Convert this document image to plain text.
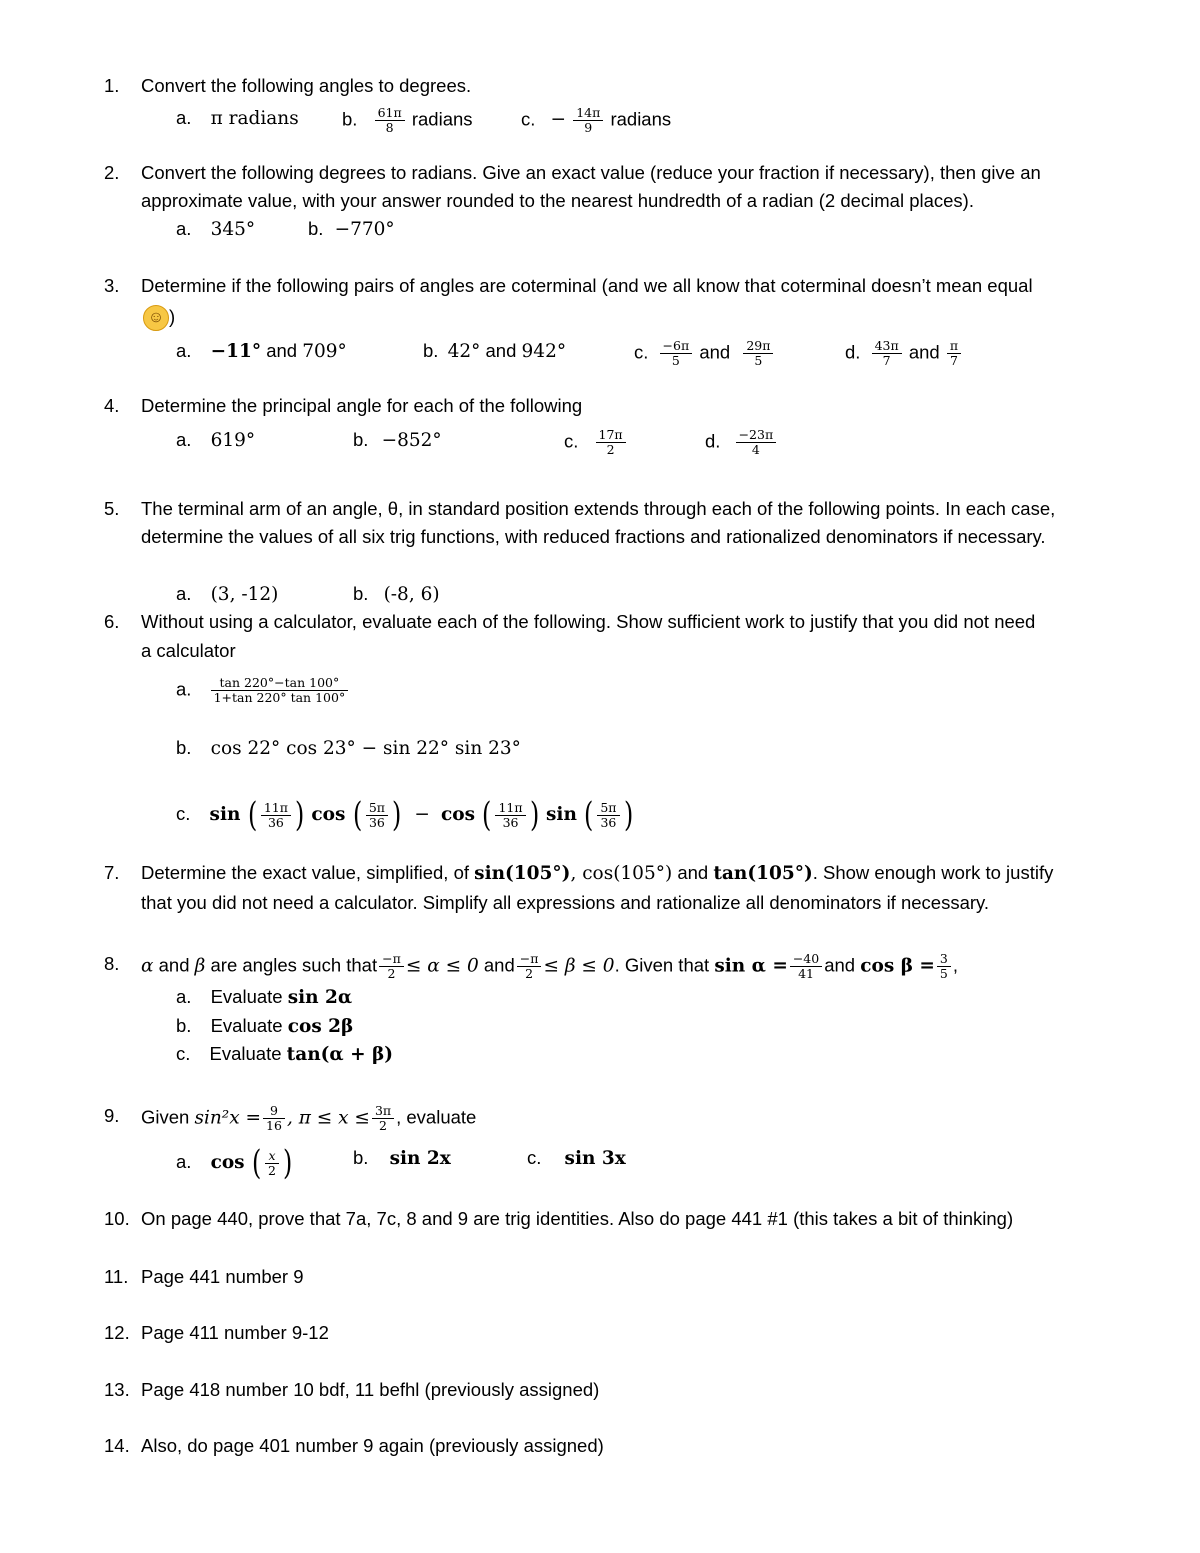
1. Convert the following angles to degrees.
a. π radians b. $\frac{61\pi}{8}$ radians	c. − $\frac{14\pi}{9}$ radians
2. Convert the following degrees to radians. Give an exact value (reduce your fraction if necessary), then give an
approximate value, with your answer rounded to the nearest hundredth of a radian (2 decimal places).
a. 345°	b. −770°
3. Determine if the following pairs of angles are coterminal (and we all know that coterminal doesn’t mean equal
☺ )
a. −11° and 709°	b. 42° and 942°	c. $\frac{-6\pi}{5}$ and $\frac{29\pi}{5}$	d. $\frac{43\pi}{7}$ and $\frac{\pi}{7}$
4. Determine the principal angle for each of the following
a. 619°	b. −852°	c. $\frac{17\pi}{2}$	d. $\frac{-23\pi}{4}$
5. The terminal arm of an angle, θ, in standard position extends through each of the following points. In each case,
determine the values of all six trig functions, with reduced fractions and rationalized denominators if necessary.
a. (3, -12)	b. (-8, 6)
6. Without using a calculator, evaluate each of the following. Show sufficient work to justify that you did not need
a calculator
a. $\frac{\tan 220^\circ-\tan 100^\circ}{1+\tan 220^\circ \tan 100^\circ}$
b. cos 22° cos 23° − sin 22° sin 23°
c. sin ( $\frac{11\pi}{36}$ ) cos ( $\frac{5\pi}{36}$ ) − cos ( $\frac{11\pi}{36}$ ) sin ( $\frac{5\pi}{36}$ )
7. Determine the exact value, simplified, of sin(105°), cos(105°) and tan(105°). Show enough work to justify
that you did not need a calculator. Simplify all expressions and rationalize all denominators if necessary.
8. α and β are angles such that $\frac{-\pi}{2} \le \alpha \le 0$ and $\frac{-\pi}{2} \le \beta \le 0$. Given that $\sin \alpha = \frac{-40}{41}$ and $\cos \beta = \frac{3}{5}$ ,
a. Evaluate sin 2α
b. Evaluate cos 2β
c. Evaluate tan(α + β)
9. Given $\sin^2x = \frac{9}{16}$ , $\pi \le x \le \frac{3\pi}{2}$ , evaluate
a. cos ( $\frac{x}{2}$ )	b. sin 2x	c. sin 3x
10. On page 440, prove that 7a, 7c, 8 and 9 are trig identities. Also do page 441 #1 (this takes a bit of thinking)
11. Page 441 number 9
12. Page 411 number 9-12
13. Page 418 number 10 bdf, 11 befhl (previously assigned)
14. Also, do page 401 number 9 again (previously assigned)
